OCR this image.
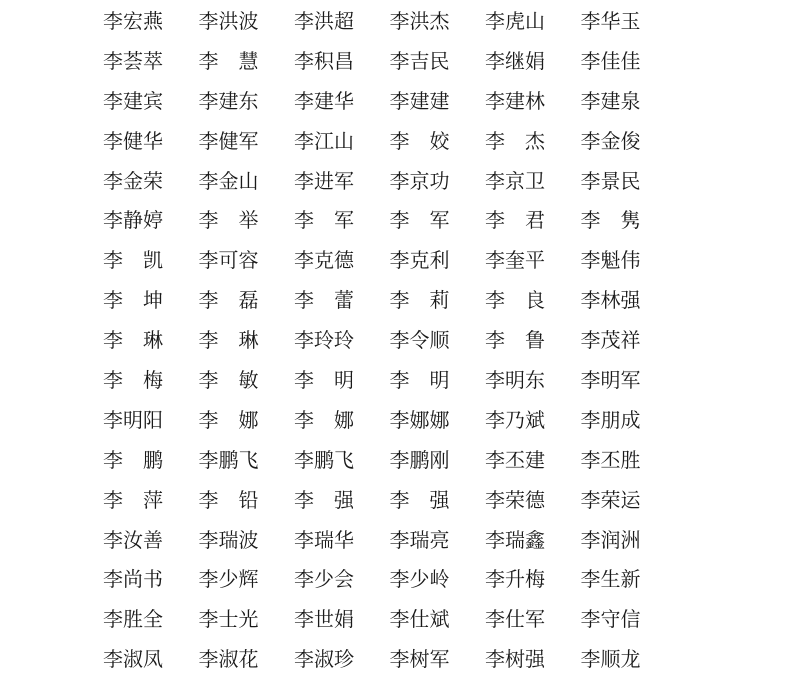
李宏燕	李洪波	李洪超	李洪杰	李虎山	李华玉
李荟萃	李　慧	李积昌	李吉民	李继娟	李佳佳
李建宾	李建东	李建华	李建建	李建林	李建泉
李健华	李健军	李江山	李　姣	李　杰	李金俊
李金荣	李金山	李进军	李京功	李京卫	李景民
李静婷	李　举	李　军	李　军	李　君	李　隽
李　凯	李可容	李克德	李克利	李奎平	李魁伟
李　坤	李　磊	李　蕾	李　莉	李　良	李林强
李　琳	李　琳	李玲玲	李令顺	李　鲁	李茂祥
李　梅	李　敏	李　明	李　明	李明东	李明军
李明阳	李　娜	李　娜	李娜娜	李乃斌	李朋成
李　鹏	李鹏飞	李鹏飞	李鹏刚	李丕建	李丕胜
李　萍	李　铅	李　强	李　强	李荣德	李荣运
李汝善	李瑞波	李瑞华	李瑞亮	李瑞鑫	李润洲
李尚书	李少辉	李少会	李少岭	李升梅	李生新
李胜全	李士光	李世娟	李仕斌	李仕军	李守信
李淑凤	李淑花	李淑珍	李树军	李树强	李顺龙
